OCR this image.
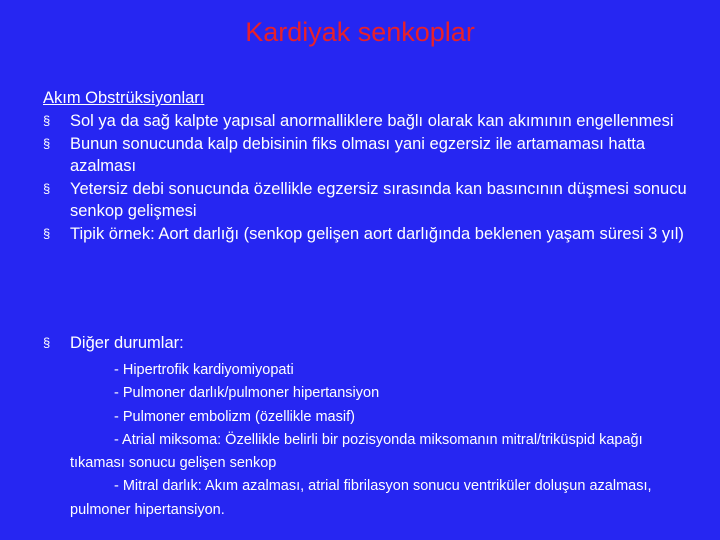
Kardiyak senkoplar
Akım Obstrüksiyonları
§ Sol ya da sağ kalpte yapısal anormalliklere bağlı olarak kan akımının engellenmesi
§ Bunun sonucunda kalp debisinin fiks olması yani egzersiz ile artamaması hatta azalması
§ Yetersiz debi sonucunda özellikle egzersiz sırasında kan basıncının düşmesi sonucu senkop gelişmesi
§ Tipik örnek: Aort darlığı (senkop gelişen aort darlığında beklenen yaşam süresi 3 yıl)
§ Diğer durumlar:
- Hipertrofik kardiyomiyopati
- Pulmoner darlık/pulmoner hipertansiyon
- Pulmoner embolizm (özellikle masif)
- Atrial miksoma: Özellikle belirli bir pozisyonda miksomanın mitral/triküspid kapağı tıkaması sonucu gelişen senkop
- Mitral darlık: Akım azalması, atrial fibrilasyon sonucu ventriküler doluşun azalması, pulmoner hipertansiyon.
